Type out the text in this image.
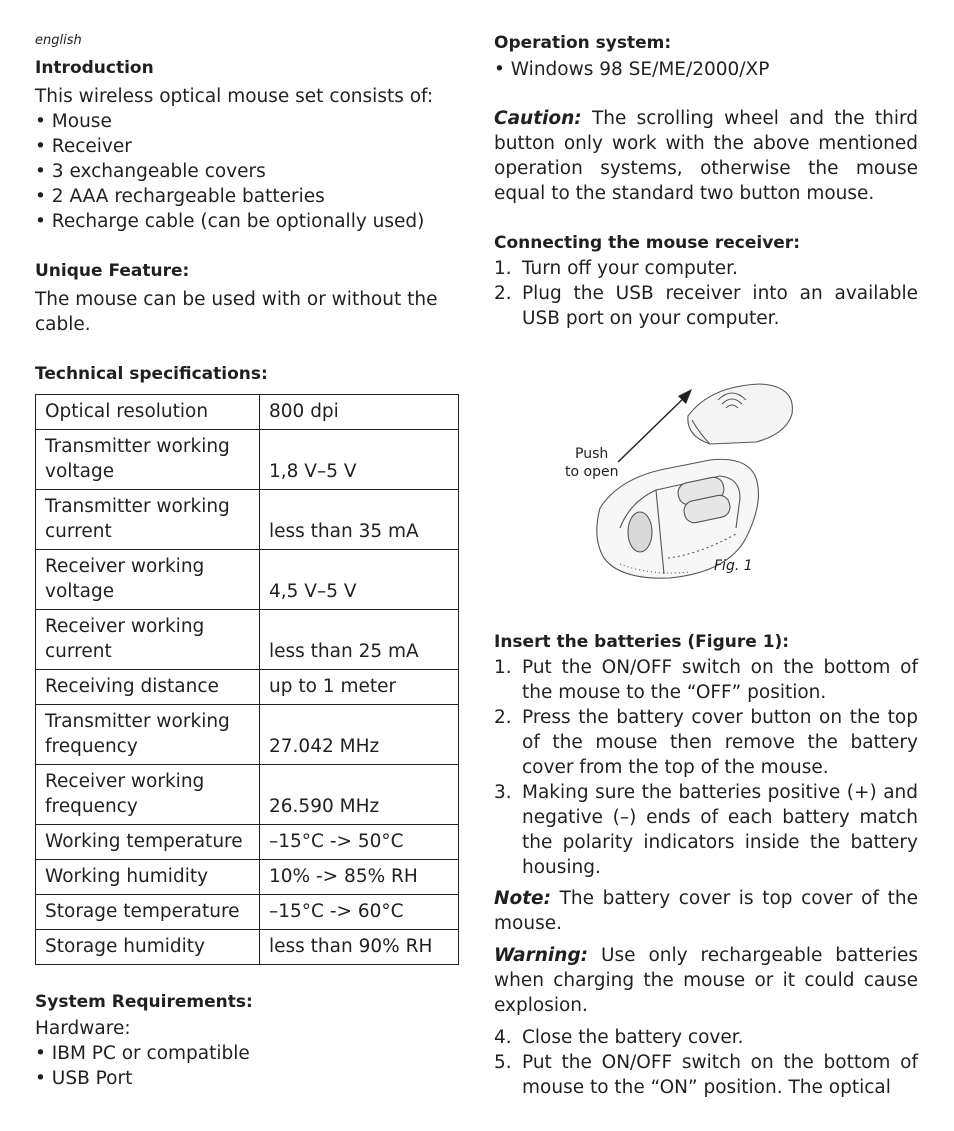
english
Introduction
This wireless optical mouse set consists of:
• Mouse
• Receiver
• 3 exchangeable covers
• 2 AAA rechargeable batteries
• Recharge cable (can be optionally used)
Unique Feature:
The mouse can be used with or without the cable.
Technical specifications:
Optical resolution	800 dpi
Transmitter working voltage	1,8 V–5 V
Transmitter working current	less than 35 mA
Receiver working voltage	4,5 V–5 V
Receiver working current	less than 25 mA
Receiving distance	up to 1 meter
Transmitter working frequency	27.042 MHz
Receiver working frequency	26.590 MHz
Working temperature	–15°C -> 50°C
Working humidity	10% -> 85% RH
Storage temperature	–15°C -> 60°C
Storage humidity	less than 90% RH
System Requirements:
Hardware:
• IBM PC or compatible
• USB Port
Operation system:
• Windows 98 SE/ME/2000/XP
Caution: The scrolling wheel and the third button only work with the above mentioned operation systems, otherwise the mouse equal to the standard two button mouse.
Connecting the mouse receiver:
1. Turn off your computer.
2. Plug the USB receiver into an available USB port on your computer.
Insert the batteries (Figure 1):
1. Put the ON/OFF switch on the bottom of the mouse to the “OFF” position.
2. Press the battery cover button on the top of the mouse then remove the battery cover from the top of the mouse.
3. Making sure the batteries positive (+) and negative (–) ends of each battery match the polarity indicators inside the battery housing.
Note: The battery cover is top cover of the mouse.
Warning: Use only rechargeable batteries when charging the mouse or it could cause explosion.
4. Close the battery cover.
5. Put the ON/OFF switch on the bottom of mouse to the “ON” position. The optical
Push
to open
Fig. 1
